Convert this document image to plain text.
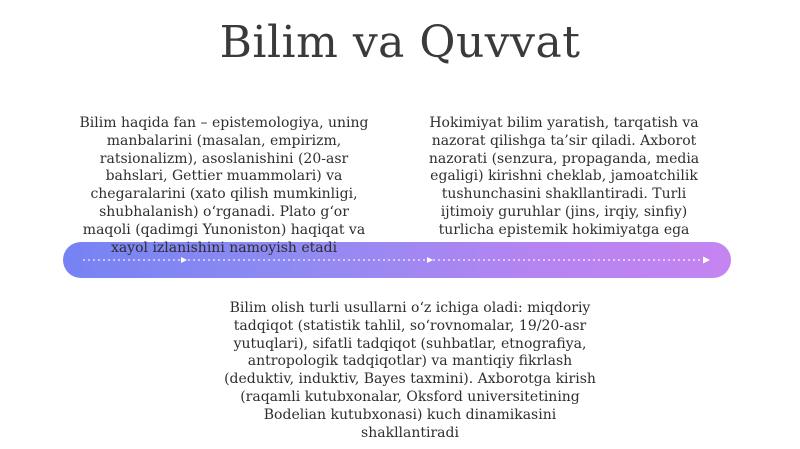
Bilim va Quvvat
Bilim haqida fan – epistemologiya, uning manbalarini (masalan, empirizm, ratsionalizm), asoslanishini (20-asr bahslari, Gettier muammolari) va chegaralarini (xato qilish mumkinligi, shubhalanish) o‘rganadi. Plato g‘or maqoli (qadimgi Yunoniston) haqiqat va xayol izlanishini namoyish etadi
Hokimiyat bilim yaratish, tarqatish va nazorat qilishga ta’sir qiladi. Axborot nazorati (senzura, propaganda, media egaligi) kirishni cheklab, jamoatchilik tushunchasini shakllantiradi. Turli ijtimoiy guruhlar (jins, irqiy, sinfiy) turlicha epistemik hokimiyatga ega
Bilim olish turli usullarni o‘z ichiga oladi: miqdoriy tadqiqot (statistik tahlil, so‘rovnomalar, 19/20-asr yutuqlari), sifatli tadqiqot (suhbatlar, etnografiya, antropologik tadqiqotlar) va mantiqiy fikrlash (deduktiv, induktiv, Bayes taxmini). Axborotga kirish (raqamli kutubxonalar, Oksford universitetining Bodelian kutubxonasi) kuch dinamikasini shakllantiradi
